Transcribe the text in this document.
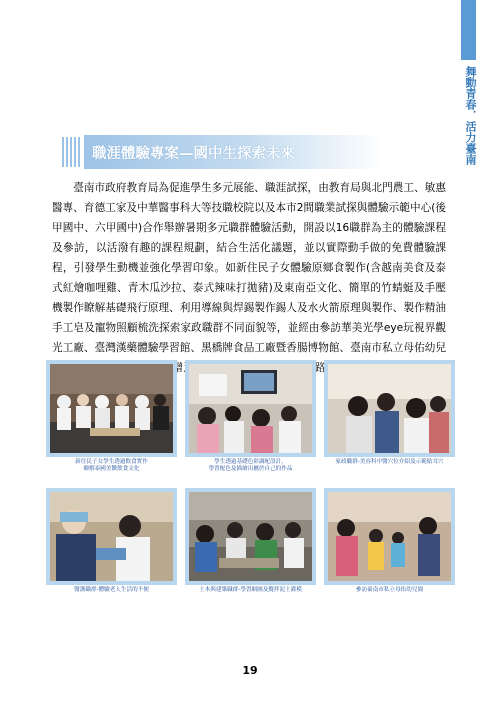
舞動青春．活力臺南
職涯體驗專案—國中生探索未來

臺南市政府教育局為促進學生多元展能、職涯試探，由教育局與北門農工、敏惠醫專、育德工家及中華醫事科大等技職校院以及本市2間職業試探與體驗示範中心(後甲國中、六甲國中)合作舉辦暑期多元職群體驗活動，開設以16職群為主的體驗課程及參訪，以活潑有趣的課程規劃，結合生活化議題，並以實際動手做的免費體驗課程，引發學生動機並強化學習印象。如新住民子女體驗原鄉食製作(含越南美食及泰式紅燴咖哩雞、青木瓜沙拉、泰式辣味打拋豬)及東南亞文化、簡單的竹蜻蜓及手壓機製作瞭解基礎飛行原理、利用導線與焊錫製作錫人及水火箭原理與製作、製作精油手工皂及寵物照顧梳洗探索家政職群不同面貌等，並經由參訪華美光學eye玩視界觀光工廠、臺灣漢藥體驗學習館、黑橋牌食品工廠暨香腸博物館、臺南市私立母佑幼兒 增 進路機

新住民子女學生透過飲食實作
瞭解泰國美饌飲食文化
學生透過基礎色彩調配設計，
學習配色及描繪出屬於自己的作品
家政職群-美容科中醫穴位介紹及示範貼耳穴
醫護職群-體驗老人生活的不便	土木與建築職群-學習網圖及攪拌泥土灌模	參訪臺南市私立母佑幼兒園
19
